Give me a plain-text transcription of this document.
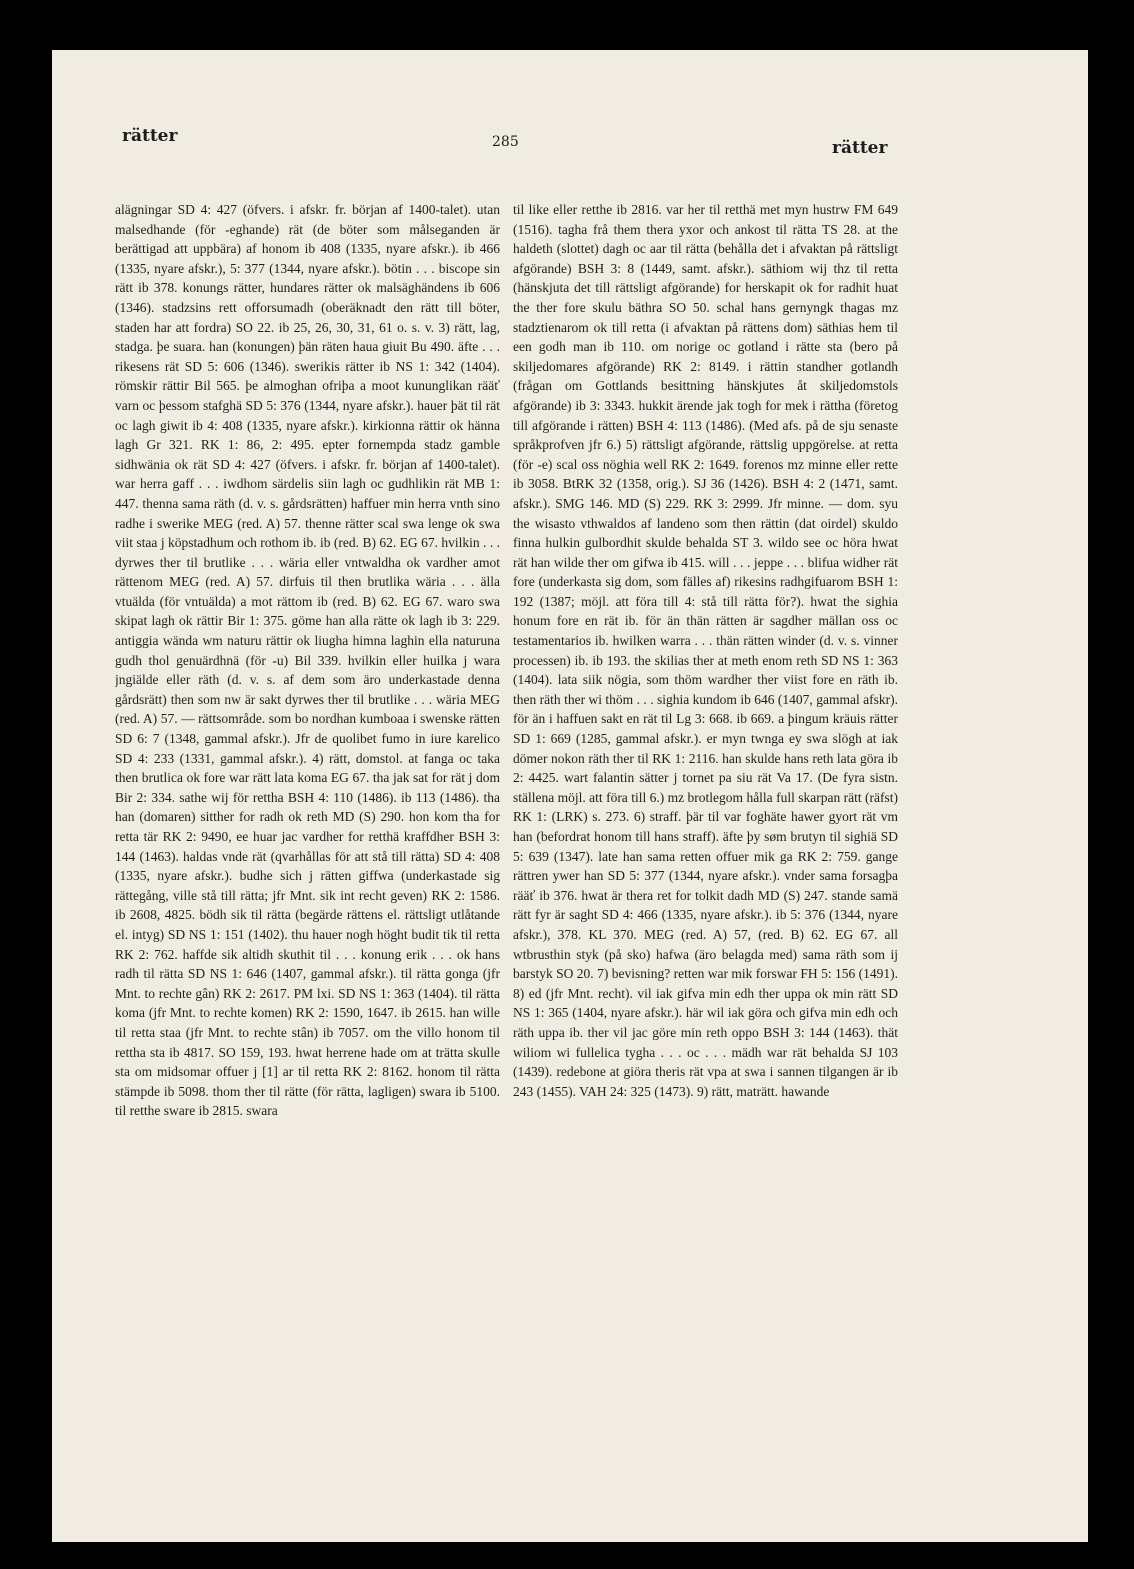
rätter	285	rätter

alägningar SD 4: 427 (öfvers. i afskr. fr. början af 1400-talet). utan malsedhande (för -eghande) rät (de böter som målseganden är berättigad att uppbära) af honom ib 408 (1335, nyare afskr.). ib 466 (1335, nyare afskr.), 5: 377 (1344, nyare afskr.). bötin . . . biscope sin rätt ib 378. konungs rätter, hundares rätter ok malsäghändens ib 606 (1346). stadzsins rett offorsumadh (oberäknadt den rätt till böter, staden har att fordra) SO 22. ib 25, 26, 30, 31, 61 o. s. v. 3) rätt, lag, stadga. þe suara. han (konungen) þän räten haua giuit Bu 490. äfte . . . rikesens rät SD 5: 606 (1346). swerikis rätter ib NS 1: 342 (1404). römskir rättir Bil 565. þe almoghan ofriþa a moot kununglikan rääť varn oc þessom stafghä SD 5: 376 (1344, nyare afskr.). hauer þät til rät oc lagh giwit ib 4: 408 (1335, nyare afskr.). kirkionna rättir ok hänna lagh Gr 321. RK 1: 86, 2: 495. epter fornempda stadz gamble sidhwänia ok rät SD 4: 427 (öfvers. i afskr. fr. början af 1400-talet). war herra gaff . . . iwdhom särdelis siin lagh oc gudhlikin rät MB 1: 447. thenna sama räth (d. v. s. gårdsrätten) haffuer min herra vnth sino radhe i swerike MEG (red. A) 57. thenne rätter scal swa lenge ok swa viit staa j köpstadhum och rothom ib. ib (red. B) 62. EG 67. hvilkin . . . dyrwes ther til brutlike . . . wäria eller vntwaldha ok vardher amot rättenom MEG (red. A) 57. dirfuis til then brutlika wäria . . . älla vtuälda (för vntuälda) a mot rättom ib (red. B) 62. EG 67. waro swa skipat lagh ok rättir Bir 1: 375. göme han alla rätte ok lagh ib 3: 229. antiggia wända wm naturu rättir ok liugha himna laghin ella naturuna gudh thol genuärdhnä (för -u) Bil 339. hvilkin eller huilka j wara jngiälde eller räth (d. v. s. af dem som äro underkastade denna gårdsrätt) then som nw är sakt dyrwes ther til brutlike . . . wäria MEG (red. A) 57. — rättsområde. som bo nordhan kumboaa i swenske rätten SD 6: 7 (1348, gammal afskr.). Jfr de quolibet fumo in iure karelico SD 4: 233 (1331, gammal afskr.). 4) rätt, domstol. at fanga oc taka then brutlica ok fore war rätt lata koma EG 67. tha jak sat for rät j dom Bir 2: 334. sathe wij för rettha BSH 4: 110 (1486). ib 113 (1486). tha han (domaren) sitther for radh ok reth MD (S) 290. hon kom tha for retta tär RK 2: 9490, ee huar jac vardher for retthä kraffdher BSH 3: 144 (1463). haldas vnde rät (qvarhållas för att stå till rätta) SD 4: 408 (1335, nyare afskr.). budhe sich j rätten giffwa (underkastade sig rättegång, ville stå till rätta; jfr Mnt. sik int recht geven) RK 2: 1586. ib 2608, 4825. bödh sik til rätta (begärde rättens el. rättsligt utlåtande el. intyg) SD NS 1: 151 (1402). thu hauer nogh höght budit tik til retta RK 2: 762. haffde sik altidh skuthit til . . . konung erik . . . ok hans radh til rätta SD NS 1: 646 (1407, gammal afskr.). til rätta gonga (jfr Mnt. to rechte gân) RK 2: 2617. PM lxi. SD NS 1: 363 (1404). til rätta koma (jfr Mnt. to rechte komen) RK 2: 1590, 1647. ib 2615. han wille til retta staa (jfr Mnt. to rechte stân) ib 7057. om the villo honom til rettha sta ib 4817. SO 159, 193. hwat herrene hade om at trätta skulle sta om midsomar offuer j [1] ar til retta RK 2: 8162. honom til rätta stämpde ib 5098. thom ther til rätte (för rätta, lagligen) swara ib 5100. til retthe sware ib 2815. swara

til like eller retthe ib 2816. var her til retthä met myn hustrw FM 649 (1516). tagha frå them thera yxor och ankost til rätta TS 28. at the haldeth (slottet) dagh oc aar til rätta (behålla det i afvaktan på rättsligt afgörande) BSH 3: 8 (1449, samt. afskr.). säthiom wij thz til retta (hänskjuta det till rättsligt afgörande) for herskapit ok for radhit huat the ther fore skulu bäthra SO 50. schal hans gernyngk thagas mz stadztienarom ok till retta (i afvaktan på rättens dom) säthias hem til een godh man ib 110. om norige oc gotland i rätte sta (bero på skiljedomares afgörande) RK 2: 8149. i rättin standher gotlandh (frågan om Gottlands besittning hänskjutes åt skiljedomstols afgörande) ib 3: 3343. hukkit ärende jak togh for mek i rättha (företog till afgörande i rätten) BSH 4: 113 (1486). (Med afs. på de sju senaste språkprofven jfr 6.) 5) rättsligt afgörande, rättslig uppgörelse. at retta (för -e) scal oss nöghia well RK 2: 1649. forenos mz minne eller rette ib 3058. BtRK 32 (1358, orig.). SJ 36 (1426). BSH 4: 2 (1471, samt. afskr.). SMG 146. MD (S) 229. RK 3: 2999. Jfr minne. — dom. syu the wisasto vthwaldos af landeno som then rättin (dat oirdel) skuldo finna hulkin gulbordhit skulde behalda ST 3. wildo see oc höra hwat rät han wilde ther om gifwa ib 415. will . . . jeppe . . . blifua widher rät fore (underkasta sig dom, som fälles af) rikesins radhgifuarom BSH 1: 192 (1387; möjl. att föra till 4: stå till rätta för?). hwat the sighia honum fore en rät ib. för än thän rätten är sagdher mällan oss oc testamentarios ib. hwilken warra . . . thän rätten winder (d. v. s. vinner processen) ib. ib 193. the skilias ther at meth enom reth SD NS 1: 363 (1404). lata siik nögia, som thöm wardher ther viist fore en räth ib. then räth ther wi thöm . . . sighia kundom ib 646 (1407, gammal afskr). för än i haffuen sakt en rät til Lg 3: 668. ib 669. a þingum kräuis rätter SD 1: 669 (1285, gammal afskr.). er myn twnga ey swa slögh at iak dömer nokon räth ther til RK 1: 2116. han skulde hans reth lata göra ib 2: 4425. wart falantin sätter j tornet pa siu rät Va 17. (De fyra sistn. ställena möjl. att föra till 6.) mz brotlegom hålla full skarpan rätt (räfst) RK 1: (LRK) s. 273. 6) straff. þär til var foghäte hawer gyort rät vm han (befordrat honom till hans straff). äfte þy søm brutyn til sighiä SD 5: 639 (1347). late han sama retten offuer mik ga RK 2: 759. gange rättren ywer han SD 5: 377 (1344, nyare afskr.). vnder sama forsagþa rääť ib 376. hwat är thera ret for tolkit dadh MD (S) 247. stande samä rätt fyr är saght SD 4: 466 (1335, nyare afskr.). ib 5: 376 (1344, nyare afskr.), 378. KL 370. MEG (red. A) 57, (red. B) 62. EG 67. all wtbrusthin styk (på sko) hafwa (äro belagda med) sama räth som ij barstyk SO 20. 7) bevisning? retten war mik forswar FH 5: 156 (1491). 8) ed (jfr Mnt. recht). vil iak gifva min edh ther uppa ok min rätt SD NS 1: 365 (1404, nyare afskr.). här wil iak göra och gifva min edh och räth uppa ib. ther vil jac göre min reth oppo BSH 3: 144 (1463). thät wiliom wi fullelica tygha . . . oc . . . mädh war rät behalda SJ 103 (1439). redebone at giöra theris rät vpa at swa i sannen tilgangen är ib 243 (1455). VAH 24: 325 (1473). 9) rätt, maträtt. hawande
